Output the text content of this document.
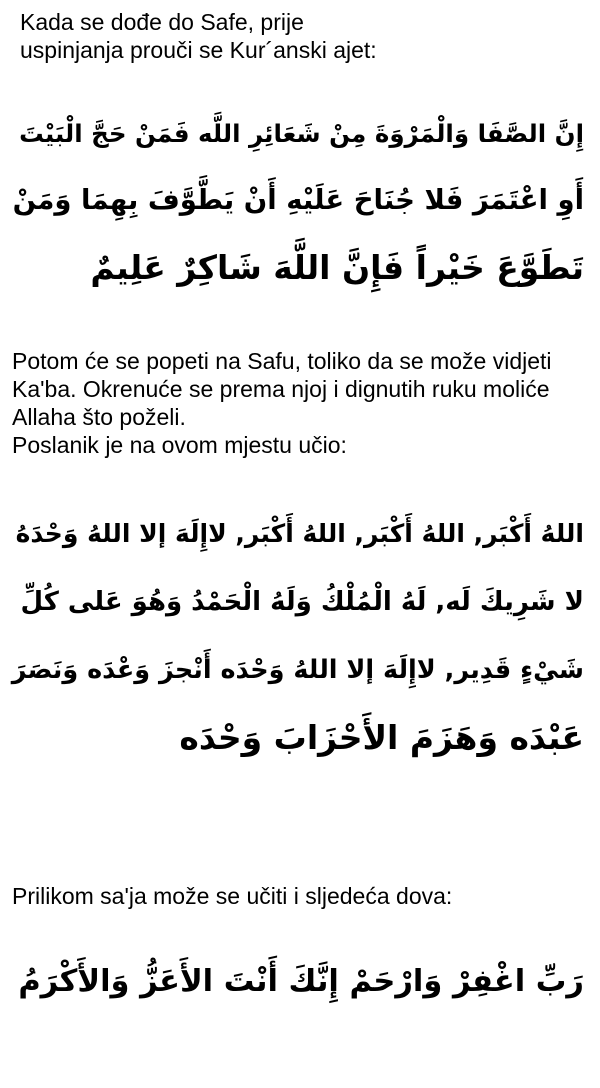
Kada se dođe do Safe, prije
uspinjanja prouči se Kur´anski ajet:
إِنَّ الصَّفَا وَالْمَرْوَةَ مِنْ شَعَائِرِ اللَّه فَمَنْ حَجَّ الْبَيْتَ
أَوِ اعْتَمَرَ فَلا جُنَاحَ عَلَيْهِ أَنْ يَطَّوَّفَ بِهِمَا وَمَنْ
تَطَوَّعَ خَيْراً فَإِنَّ اللَّهَ شَاكِرٌ عَلِيمٌ
Potom će se popeti na Safu, toliko da se može vidjeti
Ka'ba. Okrenuće se prema njoj i dignutih ruku moliće
Allaha što poželi.
Poslanik je na ovom mjestu učio:
اللهُ أَكْبَر, اللهُ أَكْبَر, اللهُ أَكْبَر, لاإِلَهَ إلا اللهُ وَحْدَهُ
لا شَرِيكَ لَه, لَهُ الْمُلْكُ وَلَهُ الْحَمْدُ وَهُوَ عَلى كُلِّ
شَيْءٍ قَدِير, لاإِلَهَ إلا اللهُ وَحْدَه أَنْجزَ وَعْدَه وَنَصَرَ
عَبْدَه وَهَزَمَ الأَحْزَابَ وَحْدَه
Prilikom sa'ja može se učiti i sljedeća dova:
رَبِّ اغْفِرْ وَارْحَمْ إِنَّكَ أَنْتَ الأَعَزُّ وَالأَكْرَمُ
